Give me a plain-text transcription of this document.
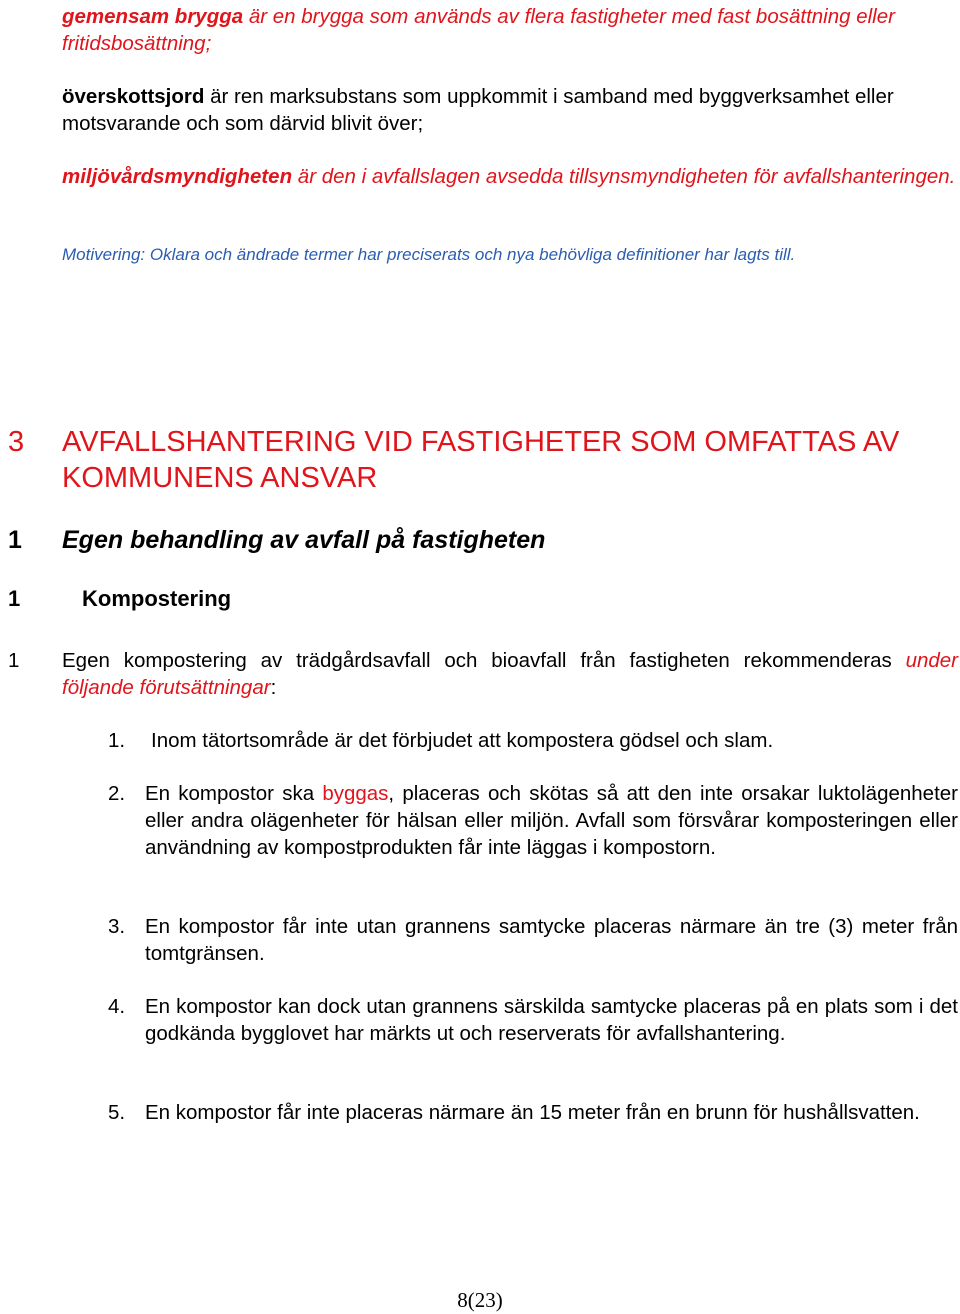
gemensam brygga är en brygga som används av flera fastigheter med fast bosättning eller fritidsbosättning;
överskottsjord är ren marksubstans som uppkommit i samband med byggverksamhet eller motsvarande och som därvid blivit över;
miljövårdsmyndigheten är den i avfallslagen avsedda tillsynsmyndigheten för avfallshanteringen.
Motivering: Oklara och ändrade termer har preciserats och nya behövliga definitioner har lagts till.
3 AVFALLSHANTERING VID FASTIGHETER SOM OMFATTAS AV KOMMUNENS ANSVAR
1 Egen behandling av avfall på fastigheten
1	Kompostering
1 Egen kompostering av trädgårdsavfall och bioavfall från fastigheten rekommenderas under följande förutsättningar:
1. Inom tätortsområde är det förbjudet att kompostera gödsel och slam.
2. En kompostor ska byggas, placeras och skötas så att den inte orsakar luktolägenheter eller andra olägenheter för hälsan eller miljön. Avfall som försvårar komposteringen eller användning av kompostprodukten får inte läggas i kompostorn.
3. En kompostor får inte utan grannens samtycke placeras närmare än tre (3) meter från tomtgränsen.
4. En kompostor kan dock utan grannens särskilda samtycke placeras på en plats som i det godkända bygglovet har märkts ut och reserverats för avfallshantering.
5. En kompostor får inte placeras närmare än 15 meter från en brunn för hushållsvatten.
8(23)
